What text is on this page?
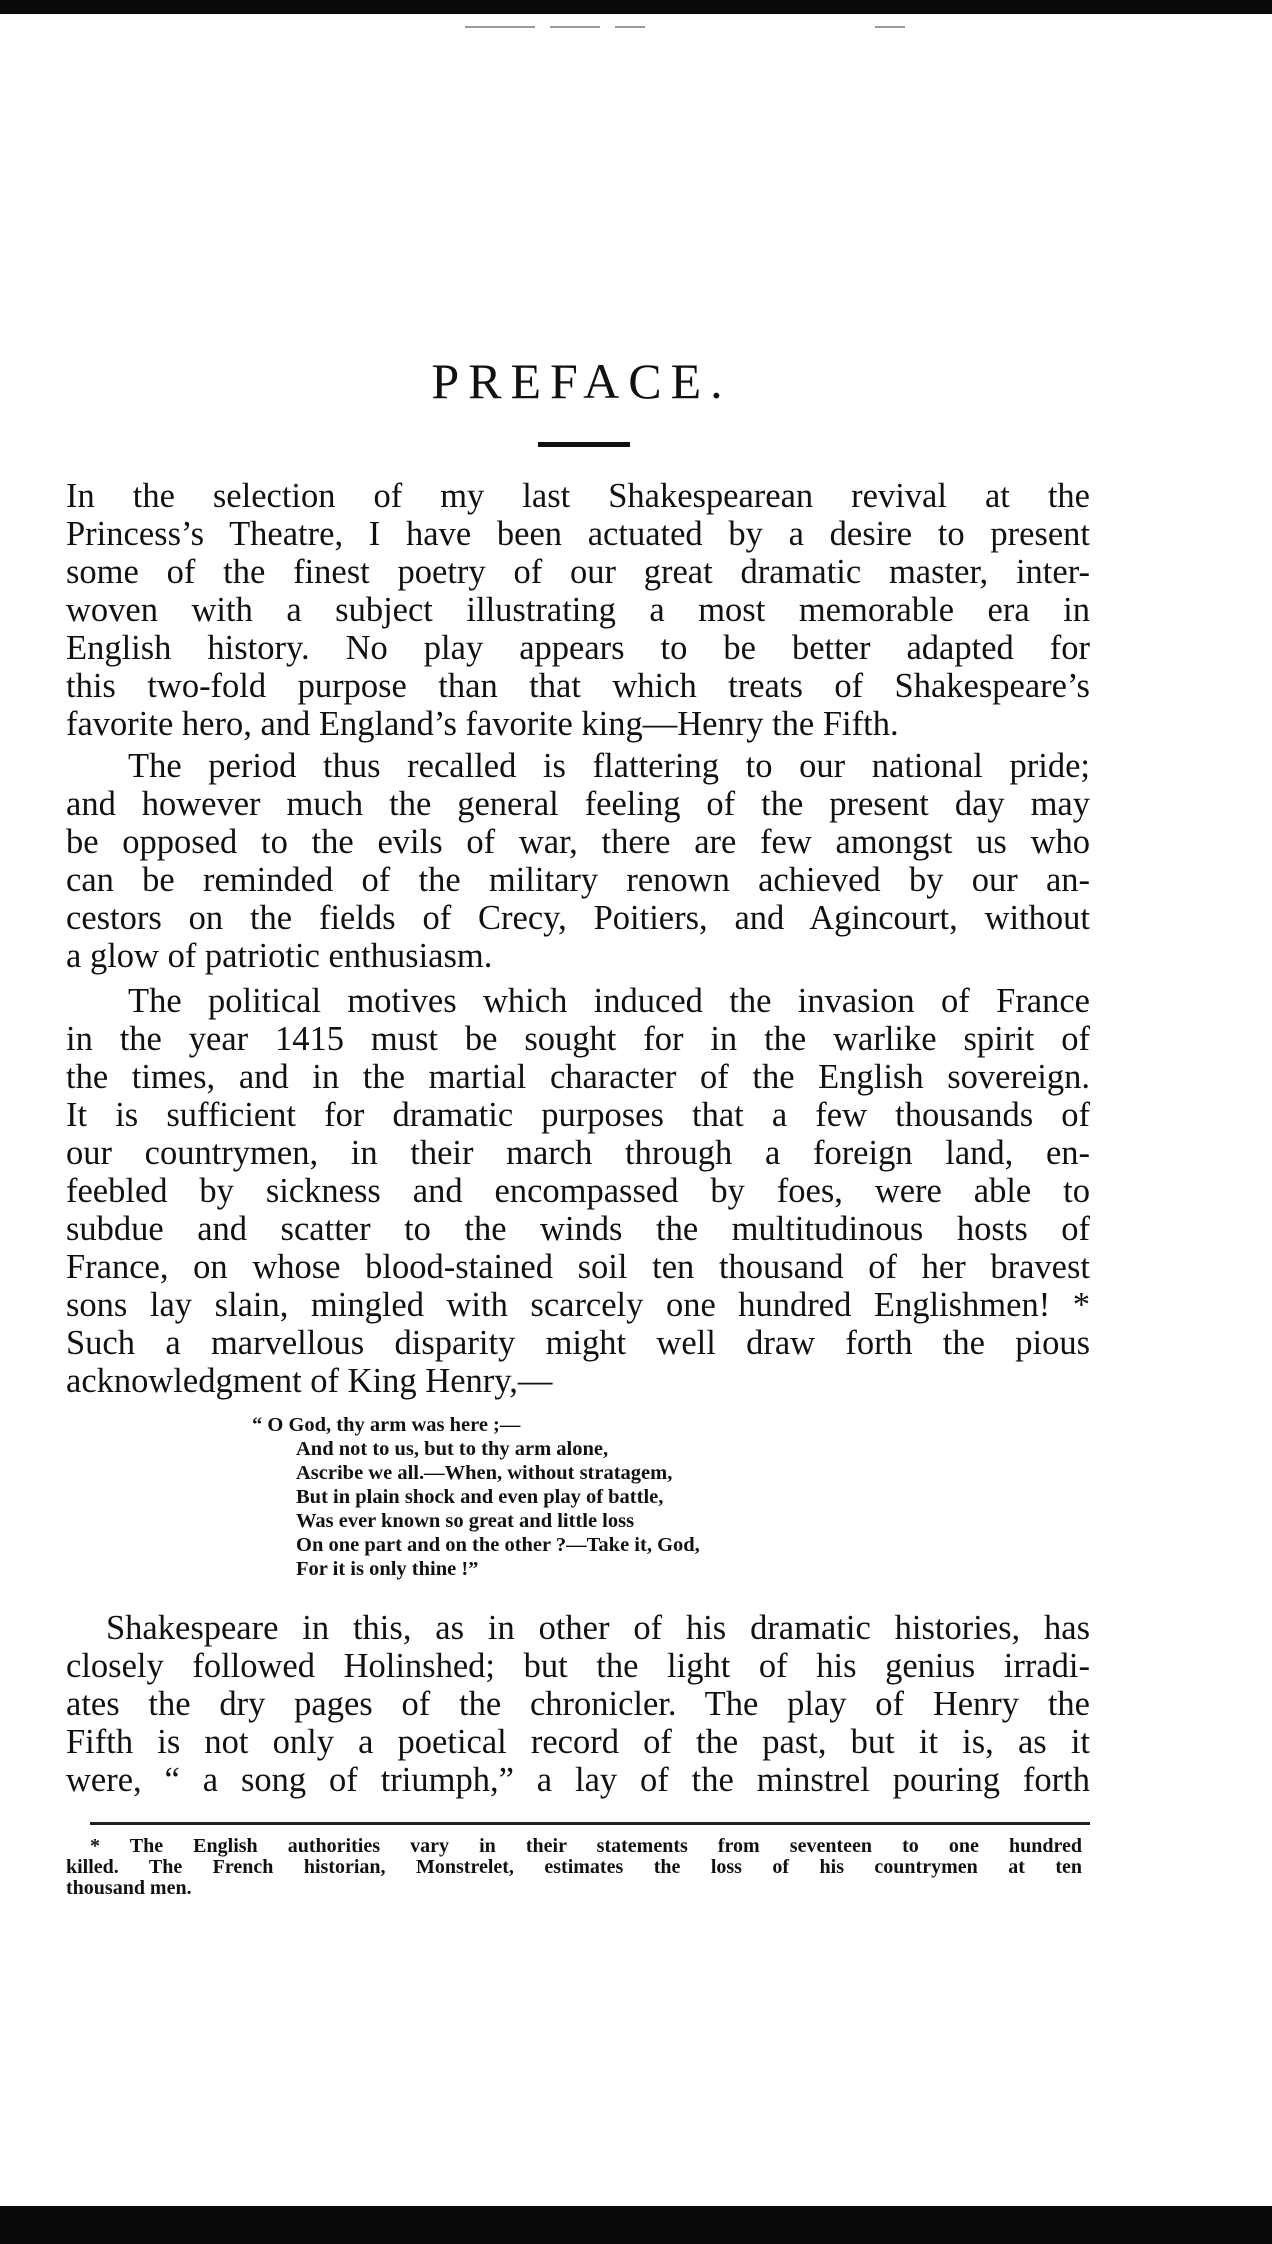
PREFACE.
In the selection of my last Shakespearean revival at the
Princess’s Theatre, I have been actuated by a desire to present
some of the finest poetry of our great dramatic master, inter-
woven with a subject illustrating a most memorable era in
English history. No play appears to be better adapted for
this two-fold purpose than that which treats of Shakespeare’s
favorite hero, and England’s favorite king—Henry the Fifth.
The period thus recalled is flattering to our national pride;
and however much the general feeling of the present day may
be opposed to the evils of war, there are few amongst us who
can be reminded of the military renown achieved by our an-
cestors on the fields of Crecy, Poitiers, and Agincourt, without
a glow of patriotic enthusiasm.
The political motives which induced the invasion of France
in the year 1415 must be sought for in the warlike spirit of
the times, and in the martial character of the English sovereign.
It is sufficient for dramatic purposes that a few thousands of
our countrymen, in their march through a foreign land, en-
feebled by sickness and encompassed by foes, were able to
subdue and scatter to the winds the multitudinous hosts of
France, on whose blood-stained soil ten thousand of her bravest
sons lay slain, mingled with scarcely one hundred Englishmen! *
Such a marvellous disparity might well draw forth the pious
acknowledgment of King Henry,—
“ O God, thy arm was here ;—
And not to us, but to thy arm alone,
Ascribe we all.—When, without stratagem,
But in plain shock and even play of battle,
Was ever known so great and little loss
On one part and on the other ?—Take it, God,
For it is only thine !”
Shakespeare in this, as in other of his dramatic histories, has
closely followed Holinshed; but the light of his genius irradi-
ates the dry pages of the chronicler. The play of Henry the
Fifth is not only a poetical record of the past, but it is, as it
were, “ a song of triumph,” a lay of the minstrel pouring forth
* The English authorities vary in their statements from seventeen to one hundred
killed. The French historian, Monstrelet, estimates the loss of his countrymen at ten
thousand men.
